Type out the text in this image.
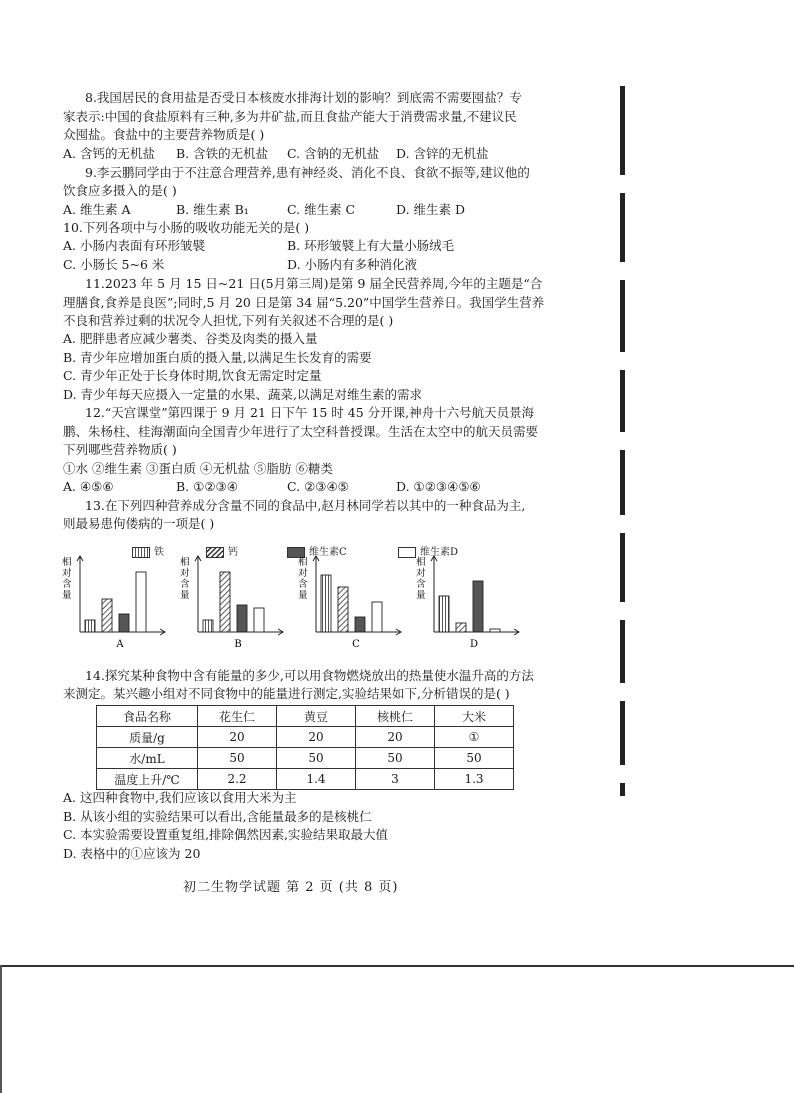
8.我国居民的食用盐是否受日本核废水排海计划的影响？到底需不需要囤盐？专
家表示:中国的食盐原料有三种,多为井矿盐,而且食盐产能大于消费需求量,不建议民
众囤盐。食盐中的主要营养物质是( )
A. 含钙的无机盐 B. 含铁的无机盐 C. 含钠的无机盐 D. 含锌的无机盐
9.李云鹏同学由于不注意合理营养,患有神经炎、消化不良、食欲不振等,建议他的
饮食应多摄入的是( )
A. 维生素 A	B. 维生素 B₁	C. 维生素 C	D. 维生素 D
10.下列各项中与小肠的吸收功能无关的是( )
A. 小肠内表面有环形皱襞	B. 环形皱襞上有大量小肠绒毛
C. 小肠长 5~6 米	D. 小肠内有多种消化液
11.2023 年 5 月 15 日~21 日(5月第三周)是第 9 届全民营养周,今年的主题是“合
理膳食,食养是良医”;同时,5 月 20 日是第 34 届“5.20”中国学生营养日。我国学生营养
不良和营养过剩的状况令人担忧,下列有关叙述不合理的是( )
A. 肥胖患者应减少薯类、谷类及肉类的摄入量
B. 青少年应增加蛋白质的摄入量,以满足生长发育的需要
C. 青少年正处于长身体时期,饮食无需定时定量
D. 青少年每天应摄入一定量的水果、蔬菜,以满足对维生素的需求
12.“天宫课堂”第四课于 9 月 21 日下午 15 时 45 分开课,神舟十六号航天员景海
鹏、朱杨柱、桂海潮面向全国青少年进行了太空科普授课。生活在太空中的航天员需要
下列哪些营养物质( )
①水 ②维生素 ③蛋白质 ④无机盐 ⑤脂肪 ⑥糖类
A. ④⑤⑥	B. ①②③④	C. ②③④⑤	D. ①②③④⑤⑥
13.在下列四种营养成分含量不同的食品中,赵月林同学若以其中的一种食品为主,
则最易患佝偻病的一项是( )
铁	钙	维生素C	维生素D
相对含量
A
相对含量
B
相对含量
C
相对含量
D
14.探究某种食物中含有能量的多少,可以用食物燃烧放出的热量使水温升高的方法
来测定。某兴趣小组对不同食物中的能量进行测定,实验结果如下,分析错误的是( )
食品名称	花生仁	黄豆	核桃仁	大米
质量/g	20	20	20	①
水/mL	50	50	50	50
温度上升/℃	2.2	1.4	3	1.3
A. 这四种食物中,我们应该以食用大米为主
B. 从该小组的实验结果可以看出,含能量最多的是核桃仁
C. 本实验需要设置重复组,排除偶然因素,实验结果取最大值
D. 表格中的①应该为 20
初二生物学试题 第 2 页 (共 8 页)
